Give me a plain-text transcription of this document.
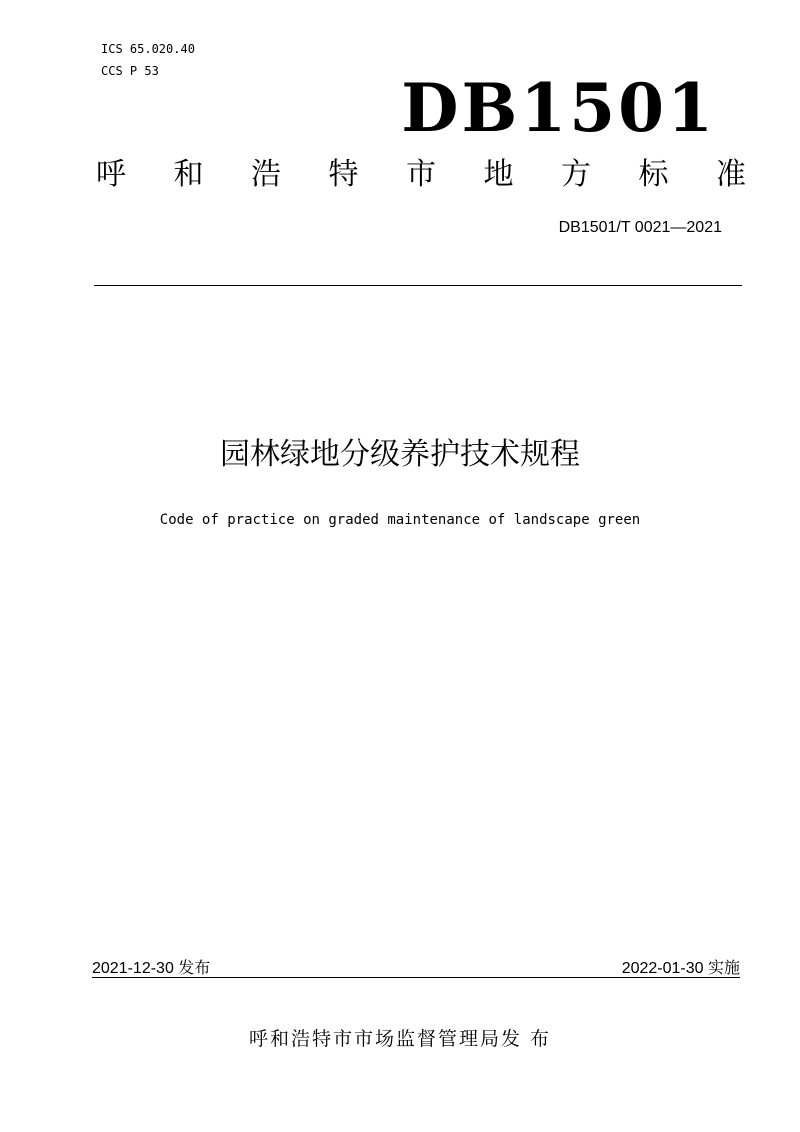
ICS 65.020.40
CCS P 53	DB1501
呼 和 浩 特 市 地 方 标 准
DB1501/T 0021—2021
园林绿地分级养护技术规程
Code of practice on graded maintenance of landscape green
2021-12-30 发布	2022-01-30 实施
呼和浩特市市场监督管理局发 布
